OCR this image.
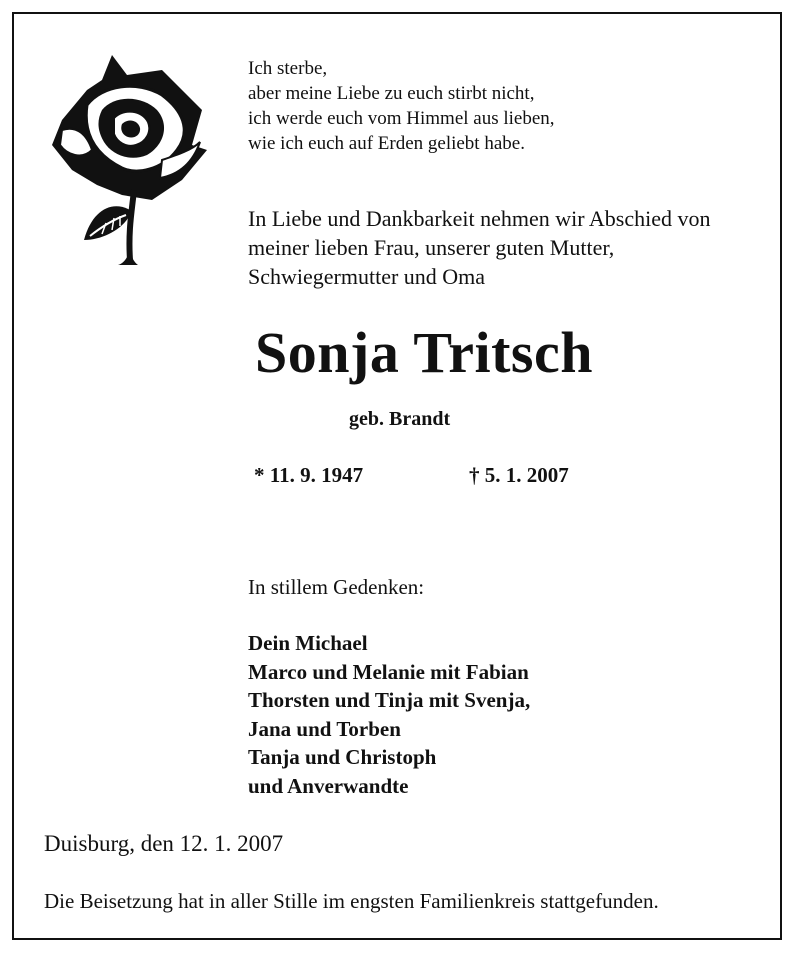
Ich sterbe,
aber meine Liebe zu euch stirbt nicht,
ich werde euch vom Himmel aus lieben,
wie ich euch auf Erden geliebt habe.
In Liebe und Dankbarkeit nehmen wir Abschied von
meiner lieben Frau, unserer guten Mutter,
Schwiegermutter und Oma
Sonja Tritsch
geb. Brandt
* 11. 9. 1947	† 5. 1. 2007
In stillem Gedenken:
Dein Michael
Marco und Melanie mit Fabian
Thorsten und Tinja mit Svenja,
Jana und Torben
Tanja und Christoph
und Anverwandte
Duisburg, den 12. 1. 2007
Die Beisetzung hat in aller Stille im engsten Familienkreis stattgefunden.
